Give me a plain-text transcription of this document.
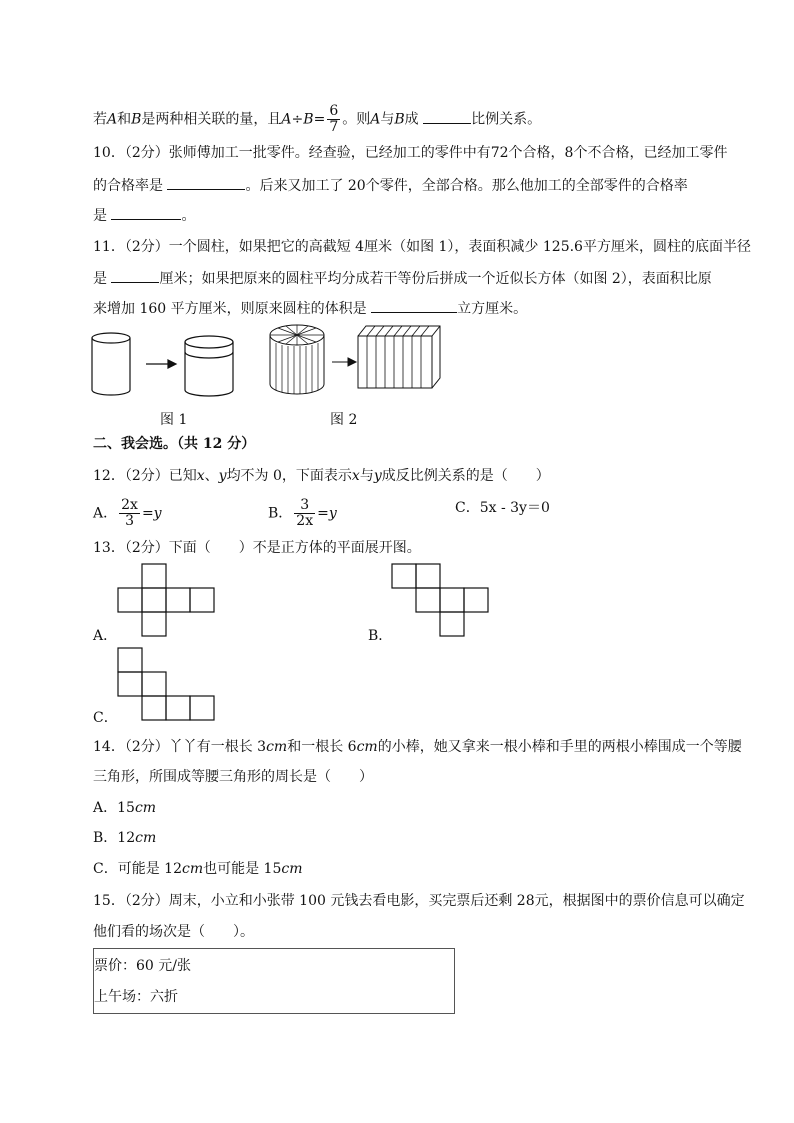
若A和B是两种相关联的量，且$A\div B= \frac{6}{7}$ 。则A与B成	比例关系。
10．（2分）张师傅加工一批零件。经查验，已经加工的零件中有72个合格，8个不合格，已经加工零件
的合格率是	。后来又加工了 20个零件，全部合格。那么他加工的全部零件的合格率
是	。
11．（2分）一个圆柱，如果把它的高截短 4厘米（如图 1），表面积减少 125.6平方厘米，圆柱的底面半径
是	厘米；如果把原来的圆柱平均分成若干等份后拼成一个近似长方体（如图 2），表面积比原
来增加 160 平方厘米，则原来圆柱的体积是	立方厘米。
图 1	图 2
二、我会选。（共 12 分）
12．（2分）已知x、y均不为 0，下面表示x与y成反比例关系的是（　　）
A． $\frac{2x}{3} =y$	B． $\frac{3}{2x} =y$	C．5x - 3y＝0
13．（2分）下面（　　）不是正方体的平面展开图。
A．	B．
C．
14．（2分）丫丫有一根长 3cm和一根长 6cm的小棒，她又拿来一根小棒和手里的两根小棒围成一个等腰
三角形，所围成等腰三角形的周长是（　　）
A．15cm
B．12cm
C．可能是 12cm也可能是 15cm
15．（2分）周末，小立和小张带 100 元钱去看电影，买完票后还剩 28元，根据图中的票价信息可以确定
他们看的场次是（　　）。
票价：60 元/张
上午场：六折
